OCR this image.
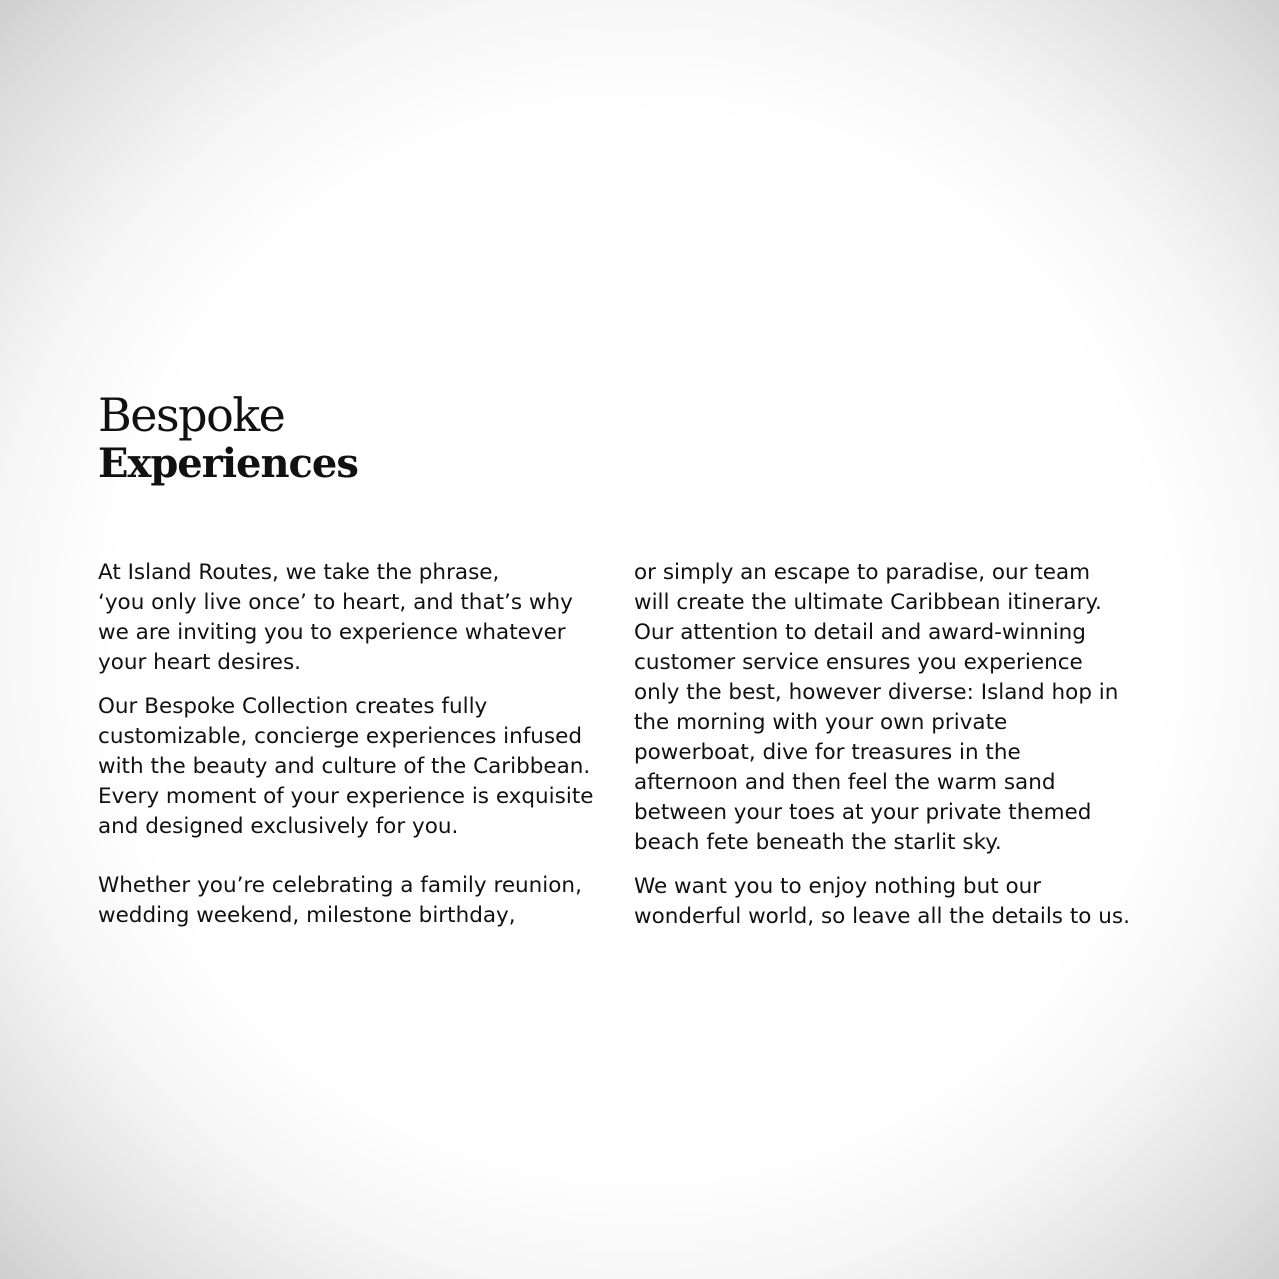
Bespoke
Experiences

At Island Routes, we take the phrase,
‘you only live once’ to heart, and that’s why
we are inviting you to experience whatever
your heart desires.

Our Bespoke Collection creates fully
customizable, concierge experiences infused
with the beauty and culture of the Caribbean.
Every moment of your experience is exquisite
and designed exclusively for you.

Whether you’re celebrating a family reunion,
wedding weekend, milestone birthday,

or simply an escape to paradise, our team
will create the ultimate Caribbean itinerary.
Our attention to detail and award-winning
customer service ensures you experience
only the best, however diverse: Island hop in
the morning with your own private
powerboat, dive for treasures in the
afternoon and then feel the warm sand
between your toes at your private themed
beach fete beneath the starlit sky.

We want you to enjoy nothing but our
wonderful world, so leave all the details to us.
